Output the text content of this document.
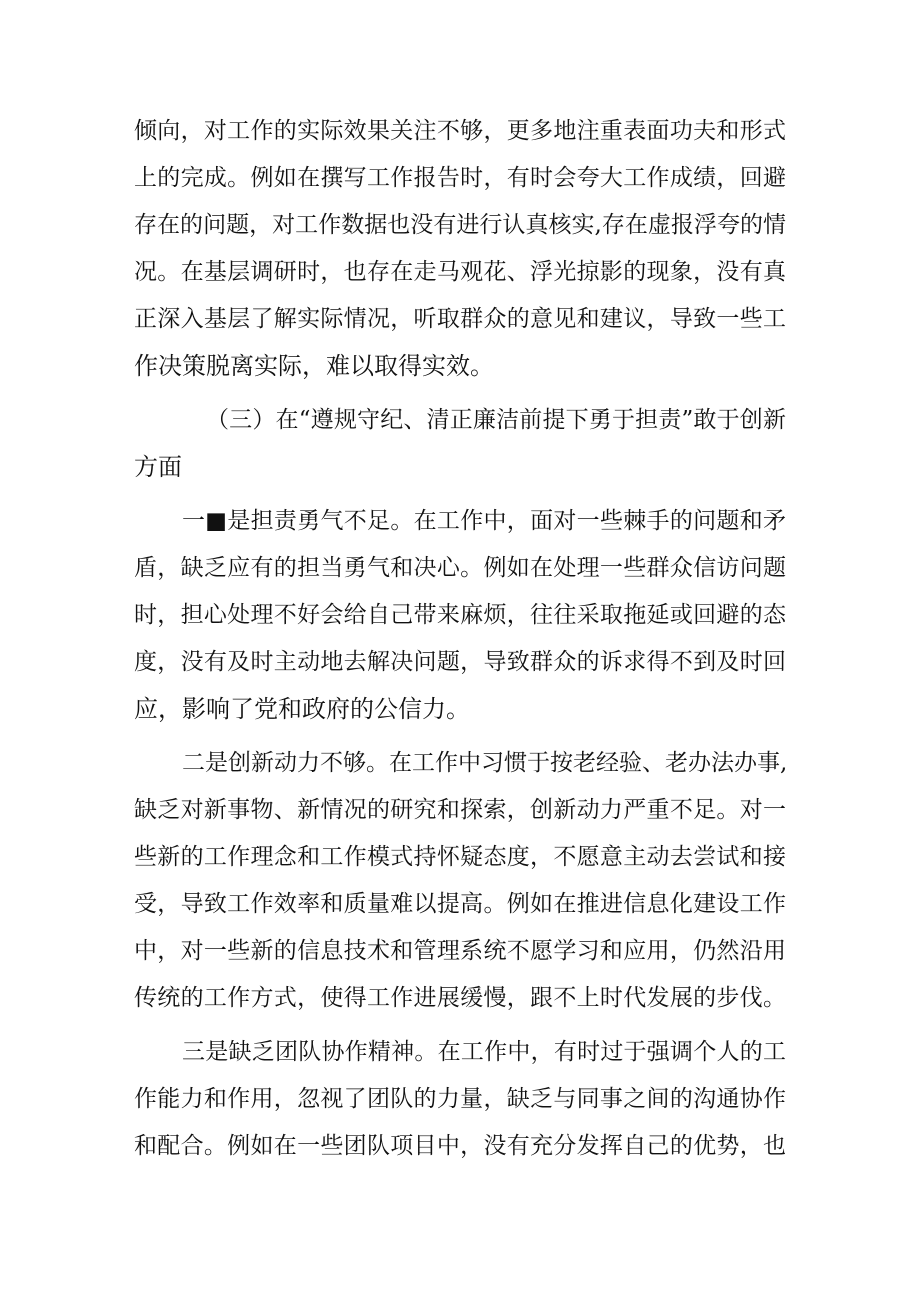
倾向，对工作的实际效果关注不够，更多地注重表面功夫和形式
上的完成。例如在撰写工作报告时，有时会夸大工作成绩，回避
存在的问题，对工作数据也没有进行认真核实,存在虚报浮夸的情
况。在基层调研时，也存在走马观花、浮光掠影的现象，没有真
正深入基层了解实际情况，听取群众的意见和建议，导致一些工
作决策脱离实际，难以取得实效。
（三）在“遵规守纪、清正廉洁前提下勇于担责”敢于创新
方面
一■是担责勇气不足。在工作中，面对一些棘手的问题和矛
盾，缺乏应有的担当勇气和决心。例如在处理一些群众信访问题
时，担心处理不好会给自己带来麻烦，往往采取拖延或回避的态
度，没有及时主动地去解决问题，导致群众的诉求得不到及时回
应，影响了党和政府的公信力。
二是创新动力不够。在工作中习惯于按老经验、老办法办事,
缺乏对新事物、新情况的研究和探索，创新动力严重不足。对一
些新的工作理念和工作模式持怀疑态度，不愿意主动去尝试和接
受，导致工作效率和质量难以提高。例如在推进信息化建设工作
中，对一些新的信息技术和管理系统不愿学习和应用，仍然沿用
传统的工作方式，使得工作进展缓慢，跟不上时代发展的步伐。
三是缺乏团队协作精神。在工作中，有时过于强调个人的工
作能力和作用，忽视了团队的力量，缺乏与同事之间的沟通协作
和配合。例如在一些团队项目中，没有充分发挥自己的优势，也
